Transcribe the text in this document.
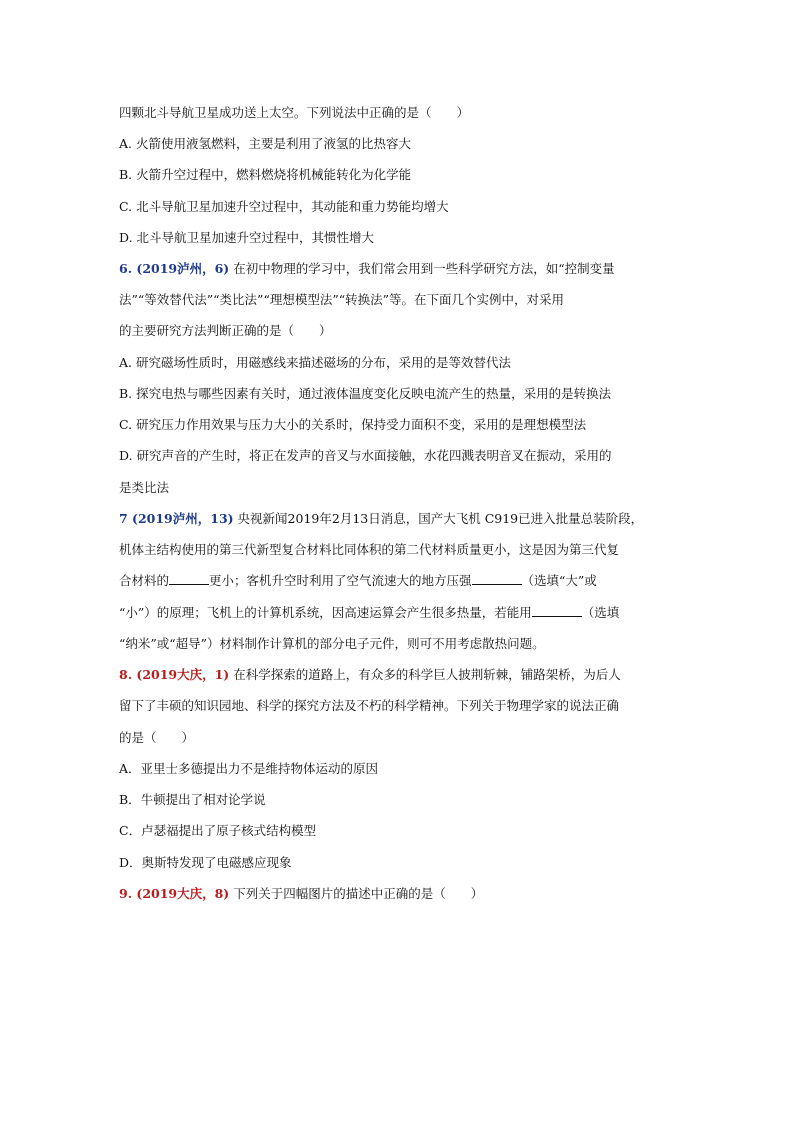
四颗北斗导航卫星成功送上太空。下列说法中正确的是（　　）
A. 火箭使用液氢燃料，主要是利用了液氢的比热容大
B. 火箭升空过程中，燃料燃烧将机械能转化为化学能
C. 北斗导航卫星加速升空过程中，其动能和重力势能均增大
D. 北斗导航卫星加速升空过程中，其惯性增大
6. (2019泸州，6) 在初中物理的学习中，我们常会用到一些科学研究方法，如“控制变量
法”“等效替代法”“类比法”“理想模型法”“转换法”等。在下面几个实例中，对采用
的主要研究方法判断正确的是（　　）
A. 研究磁场性质时，用磁感线来描述磁场的分布，采用的是等效替代法
B. 探究电热与哪些因素有关时，通过液体温度变化反映电流产生的热量，采用的是转换法
C. 研究压力作用效果与压力大小的关系时，保持受力面积不变，采用的是理想模型法
D. 研究声音的产生时，将正在发声的音叉与水面接触，水花四溅表明音叉在振动，采用的
是类比法
7 (2019泸州，13) 央视新闻2019年2月13日消息，国产大飞机 C919已进入批量总装阶段，
机体主结构使用的第三代新型复合材料比同体积的第二代材料质量更小，这是因为第三代复
合材料的	更小；客机升空时利用了空气流速大的地方压强	（选填“大”或
“小”）的原理；飞机上的计算机系统，因高速运算会产生很多热量，若能用	（选填
“纳米”或“超导”）材料制作计算机的部分电子元件，则可不用考虑散热问题。
8. (2019大庆，1) 在科学探索的道路上，有众多的科学巨人披荆斩棘，铺路架桥，为后人
留下了丰硕的知识园地、科学的探究方法及不朽的科学精神。下列关于物理学家的说法正确
的是（　　）
A．亚里士多德提出力不是维持物体运动的原因
B．牛顿提出了相对论学说
C．卢瑟福提出了原子核式结构模型
D．奥斯特发现了电磁感应现象
9. (2019大庆，8) 下列关于四幅图片的描述中正确的是（　　）
